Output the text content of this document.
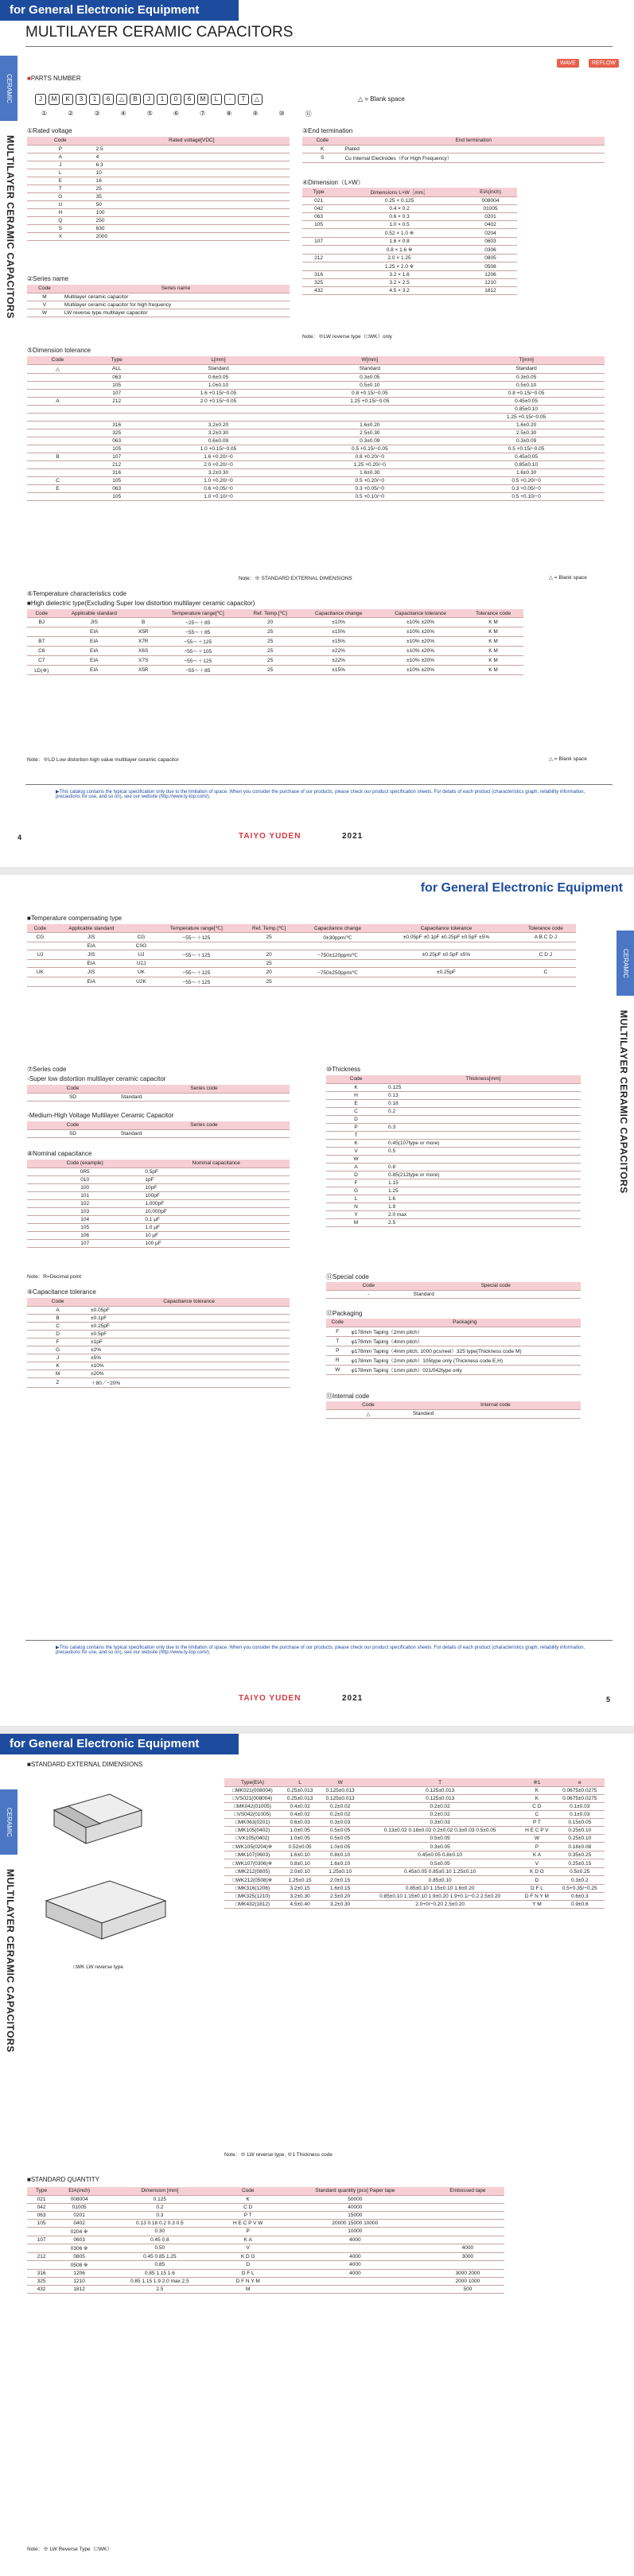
for General Electronic Equipment
CERAMIC
MULTILAYER CERAMIC CAPACITORS
MULTILAYER CERAMIC CAPACITORS
WAVE	REFLOW
■PARTS NUMBER
J	M	K	3	1	6	△	B	J	1	0	6	M	L	-	T	△
①	②	③	④	⑤	⑥	⑦	⑧	⑨	⑩	⑪
△ = Blank space
①Rated voltage
Code	Rated voltage[VDC]
P	2.5
A	4
J	6.3
L	10
E	16
T	25
G	35
U	50
H	100
Q	250
S	630
X	2000
③End termination
Code	End termination
K	Plated
S	Cu Internal Electrodes（For High Frequency）
④Dimension（L×W）
Type	Dimensions L×W［mm］	EIA(inch)
021	0.25 × 0.125	008004
042	0.4 × 0.2	01005
063	0.6 × 0.3	0201
105	1.0 × 0.5	0402
	0.52 × 1.0 ※	0204
107	1.6 × 0.8	0603
	0.8 × 1.6 ※	0306
212	2.0 × 1.25	0805
	1.25 × 2.0 ※	0508
316	3.2 × 1.6	1206
325	3.2 × 2.5	1210
432	4.5 × 3.2	1812
Note：※LW reverse type（□WK）only
②Series name
Code	Series name
M	Multilayer ceramic capacitor
V	Multilayer ceramic capacitor for high frequency
W	LW reverse type multilayer capacitor
⑤Dimension tolerance
Code	Type	L[mm]	W[mm]	T[mm]
△	ALL	Standard	Standard	Standard
	063	0.6±0.05	0.3±0.05	0.3±0.05
	105	1.0±0.10	0.5±0.10	0.5±0.10
	107	1.6 +0.15/−0.05	0.8 +0.15/−0.05	0.8 +0.15/−0.05
A	212	2.0 +0.15/−0.05	1.25 +0.15/−0.05	0.45±0.05
				0.85±0.10
				1.25 +0.15/−0.05
	316	3.2±0.20	1.6±0.20	1.6±0.20
	325	3.2±0.30	2.5±0.30	2.5±0.30
	063	0.6±0.09	0.3±0.09	0.3±0.09
	105	1.0 +0.15/−0.05	0.5 +0.15/−0.05	0.5 +0.15/−0.05
B	107	1.6 +0.20/−0	0.8 +0.20/−0	0.45±0.05
	212	2.0 +0.20/−0	1.25 +0.20/−0	0.85±0.10
	316	3.2±0.30	1.6±0.30	1.6±0.30
C	105	1.0 +0.20/−0	0.5 +0.20/−0	0.5 +0.20/−0
E	063	0.6 +0.05/−0	0.3 +0.05/−0	0.3 +0.05/−0
	105	1.0 +0.10/−0	0.5 +0.10/−0	0.5 +0.10/−0
Note：※ STANDARD EXTERNAL DIMENSIONS	△ = Blank space
⑥Temperature characteristics code
■High dielectric type(Excluding Super low distortion multilayer ceramic capacitor)
Code	Applicable standard		Temperature range[℃]	Ref. Temp.[℃]	Capacitance change	Capacitance tolerance	Tolerance code
BJ	JIS	B	−25〜＋85	20	±10%	±10% ±20%	K M
	EIA	X5R	−55〜＋85	25	±15%	±10% ±20%	K M
B7	EIA	X7R	−55〜＋125	25	±15%	±10% ±20%	K M
C6	EIA	X6S	−55〜＋105	25	±22%	±10% ±20%	K M
C7	EIA	X7S	−55〜＋125	25	±22%	±10% ±20%	K M
LD(※)	EIA	X5R	−55〜＋85	25	±15%	±10% ±20%	K M
Note：※LD Low distortion high value multilayer ceramic capacitor	△ = Blank space
▶This catalog contains the typical specification only due to the limitation of space. When you consider the purchase of our products, please check our product specification sheets. For details of each product (characteristics graph, reliability information, precautions for use, and so on), see our website (http://www.ty-top.com/).
4	TAIYO YUDEN	2021
for General Electronic Equipment
CERAMIC CAPACITORS
MULTILAYER CERAMIC CAPACITORS
■Temperature compensating type
Code	Applicable standard		Temperature range[℃]	Ref. Temp.[℃]	Capacitance change	Capacitance tolerance	Tolerance code
CG	JIS	CG	−55〜＋125	25	0±30ppm/℃	±0.05pF ±0.1pF ±0.25pF ±0.5pF ±5%	A B C D J
	EIA	C0G					
UJ	JIS	UJ	−55〜＋125	20	−750±120ppm/℃	±0.25pF ±0.5pF ±5%	C D J
	EIA	U2J		25			
UK	JIS	UK	−55〜＋125	20	−750±250ppm/℃	±0.25pF	C
	EIA	U2K	−55〜＋125	25			
⑦Series code
◦Super low distortion multilayer ceramic capacitor
Code	Series code
SD	Standard
◦Medium-High Voltage Multilayer Ceramic Capacitor
Code	Series code
SD	Standard
⑧Nominal capacitance
Code (example)	Nominal capacitance
0R5	0.5pF
010	1pF
100	10pF
101	100pF
102	1,000pF
103	10,000pF
104	0.1 μF
105	1.0 μF
106	10 μF
107	100 μF
Note：R=Decimal point
⑨Capacitance tolerance
Code	Capacitance tolerance
A	±0.05pF
B	±0.1pF
C	±0.25pF
D	±0.5pF
F	±1pF
G	±2%
J	±5%
K	±10%
M	±20%
Z	＋80／−20%
⑩Thickness
Code	Thickness[mm]
K	0.125
H	0.13
E	0.18
C	0.2
D	
P	0.3
T	
K	0.45(107type or more)
V	0.5
W	
A	0.8
D	0.85(212type or more)
F	1.15
G	1.25
L	1.6
N	1.9
Y	2.0 max
M	2.5
⑪Special code
Code	Special code
-	Standard
⑫Packaging
Code	Packaging
F	φ178mm Taping（2mm pitch）
T	φ178mm Taping（4mm pitch）
P	φ178mm Taping（4mm pitch, 1000 pcs/reel）325 type(Thickness code M)
R	φ178mm Taping（2mm pitch）105type only (Thickness code E,H)
W	φ178mm Taping（1mm pitch）021/042type only
⑬Internal code
Code	Internal code
△	Standard
▶This catalog contains the typical specification only due to the limitation of space. When you consider the purchase of our products, please check our product specification sheets. For details of each product (characteristics graph, reliability information, precautions for use, and so on), see our website (http://www.ty-top.com/).
TAIYO YUDEN	2021	5
for General Electronic Equipment
CERAMIC
MULTILAYER CERAMIC CAPACITORS
■STANDARD EXTERNAL DIMENSIONS
□WK LW reverse type
Type(EIA)	L	W	T	※1	e
□MK021(008004)	0.25±0.013	0.125±0.013	0.125±0.013	K	0.0675±0.0275
□VS021(008004)	0.25±0.013	0.125±0.013	0.125±0.013	K	0.0675±0.0275
□MK042(01005)	0.4±0.02	0.2±0.02	0.2±0.02	C D	0.1±0.03
□VS042(01005)	0.4±0.02	0.2±0.02	0.2±0.02	C	0.1±0.03
□MK063(0201)	0.6±0.03	0.3±0.03	0.3±0.03	P T	0.15±0.05
□MK105(0402)	1.0±0.05	0.5±0.05	0.13±0.02 0.18±0.02 0.2±0.02 0.3±0.03 0.5±0.05	H E C P V	0.25±0.10
□VK105(0402)	1.0±0.05	0.5±0.05	0.5±0.05	W	0.25±0.10
□WK105(0204)※	0.52±0.05	1.0±0.05	0.3±0.05	P	0.18±0.08
□MK107(0603)	1.6±0.10	0.8±0.10	0.45±0.05 0.8±0.10	K A	0.35±0.25
□WK107(0306)※	0.8±0.10	1.6±0.10	0.5±0.05	V	0.25±0.15
□MK212(0805)	2.0±0.10	1.25±0.10	0.45±0.05 0.85±0.10 1.25±0.10	K D G	0.5±0.25
□WK212(0508)※	1.25±0.15	2.0±0.15	0.85±0.10	D	0.3±0.2
□MK316(1206)	3.2±0.15	1.6±0.15	0.85±0.10 1.15±0.10 1.6±0.20	D F L	0.5+0.35/−0.25
□MK325(1210)	3.2±0.30	2.5±0.20	0.85±0.10 1.15±0.10 1.9±0.20 1.9+0.1/−0.2 2.5±0.20	D F N Y M	0.6±0.3
□MK432(1812)	4.5±0.40	3.2±0.30	2.0+0/−0.20 2.5±0.20	Y M	0.9±0.6
Note：※ LW reverse type, ※1 Thickness code
■STANDARD QUANTITY
Type	EIA(inch)	Dimension [mm]	Code	Standard quantity [pcs] Paper tape	Embossed tape
021	008004	0.125	K	50000	
042	01005	0.2	C D	40000	
063	0201	0.3	P T	15000	
105	0402	0.13 0.18 0.2 0.3 0.5	H E C P V W	20000 15000 10000	
	0204 ※	0.30	P	10000	
107	0603	0.45 0.8	K A	4000	
	0306 ※	0.50	V		4000
212	0805	0.45 0.85 1.25	K D G	4000	3000
	0508 ※	0.85	D	4000	
316	1206	0.85 1.15 1.6	D F L	4000	3000 2000
325	1210	0.85 1.15 1.9 2.0 max 2.5	D F N Y M		2000 1000
432	1812	2.5	M		500
Note：※ LW Reverse Type（□WK）
